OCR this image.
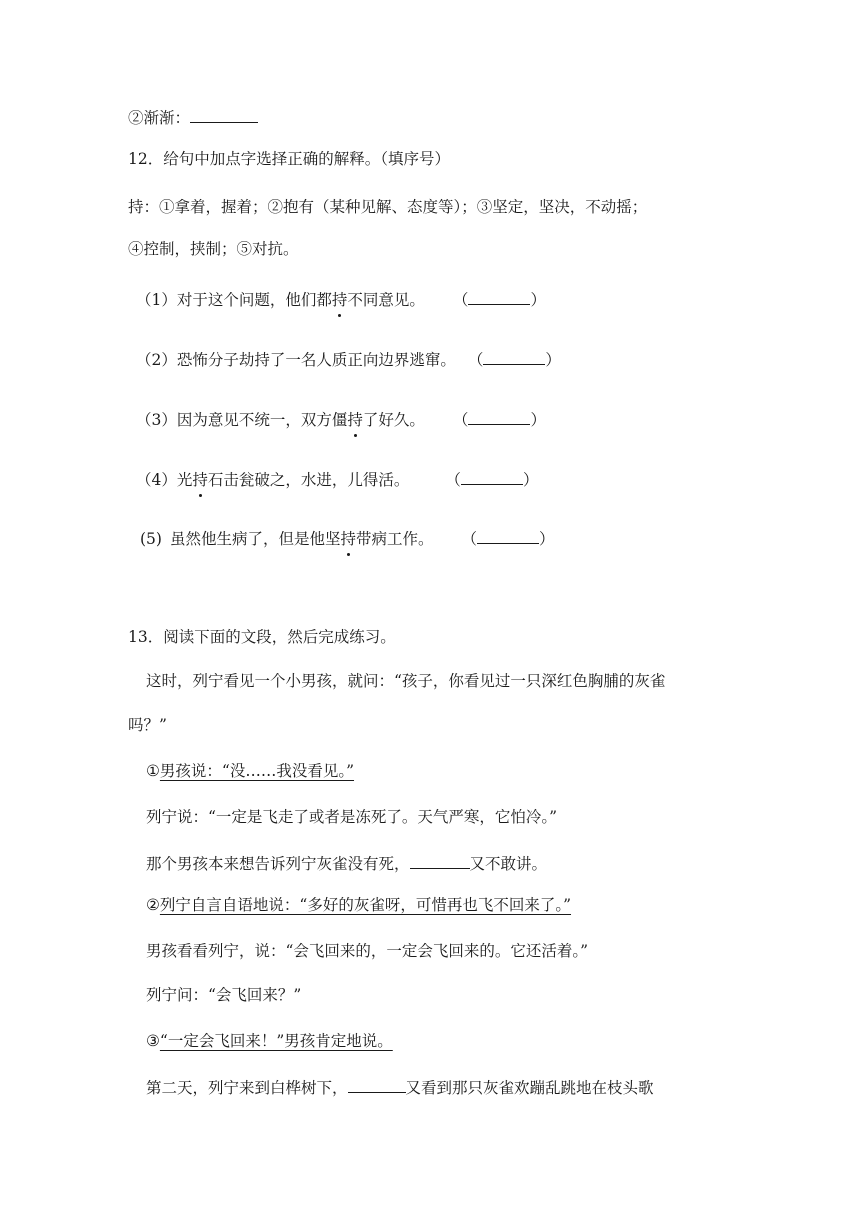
②渐渐：
12．给句中加点字选择正确的解释。（填序号）
持：①拿着，握着；②抱有（某种见解、态度等）；③坚定，坚决，不动摇；
④控制，挟制；⑤对抗。
（1）对于这个问题，他们都持不同意见。 （	）
（2）恐怖分子劫持了一名人质正向边界逃窜。 （	）
（3）因为意见不统一，双方僵持了好久。 （	）
（4）光持石击瓮破之，水进，儿得活。 （	）
(5) 虽然他生病了，但是他坚持带病工作。 （	）
13．阅读下面的文段，然后完成练习。
这时，列宁看见一个小男孩，就问：“孩子，你看见过一只深红色胸脯的灰雀
吗？”
①男孩说：“没……我没看见。”
列宁说：“一定是飞走了或者是冻死了。天气严寒，它怕冷。”
那个男孩本来想告诉列宁灰雀没有死，	又不敢讲。
②列宁自言自语地说：“多好的灰雀呀，可惜再也飞不回来了。”
男孩看看列宁，说：“会飞回来的，一定会飞回来的。它还活着。”
列宁问：“会飞回来？”
③“一定会飞回来！”男孩肯定地说。
第二天，列宁来到白桦树下，	又看到那只灰雀欢蹦乱跳地在枝头歌
